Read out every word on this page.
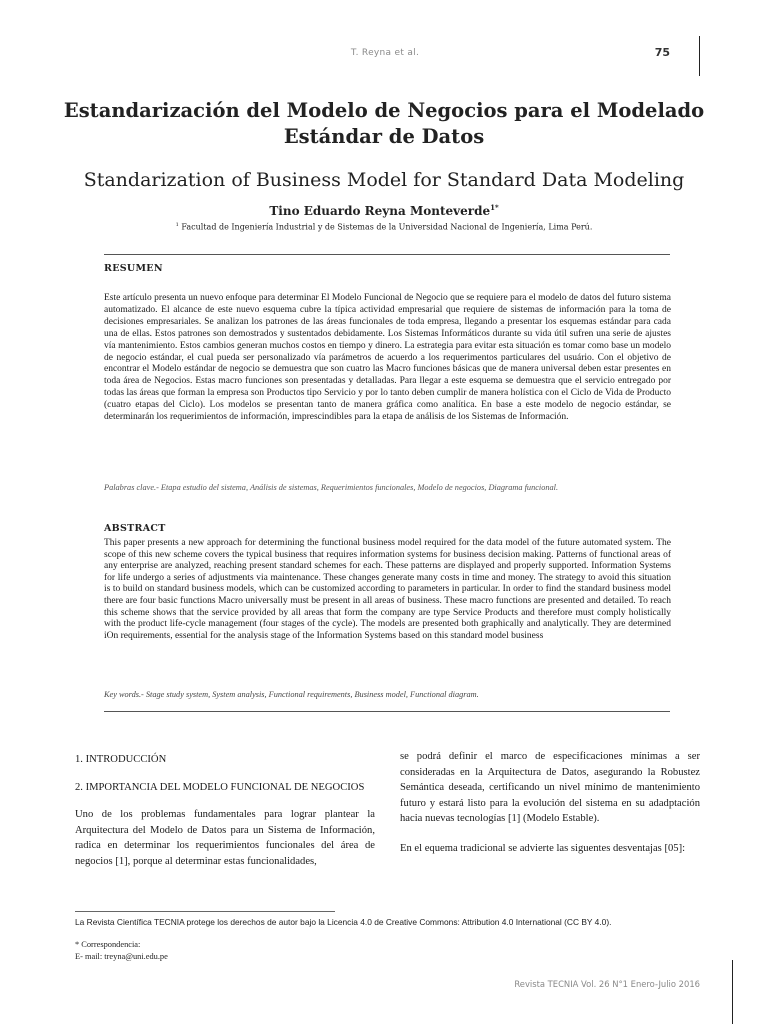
T. Reyna et al.	75
Estandarización del Modelo de Negocios para el Modelado Estándar de Datos
Standarization of Business Model for Standard Data Modeling
Tino Eduardo Reyna Monteverde$^{1*}$
$^1$ Facultad de Ingeniería Industrial y de Sistemas de la Universidad Nacional de Ingeniería, Lima Perú.
RESUMEN
Este artículo presenta un nuevo enfoque para determinar El Modelo Funcional de Negocio que se requiere para el modelo de datos del futuro sistema automatizado. El alcance de este nuevo esquema cubre la típica actividad empresarial que requiere de sistemas de información para la toma de decisiones empresariales. Se analizan los patrones de las áreas funcionales de toda empresa, llegando a presentar los esquemas estándar para cada una de ellas. Estos patrones son demostrados y sustentados debidamente. Los Sistemas Informáticos durante su vida útil sufren una serie de ajustes vía mantenimiento. Estos cambios generan muchos costos en tiempo y dinero. La estrategia para evitar esta situación es tomar como base un modelo de negocio estándar, el cual pueda ser personalizado vía parámetros de acuerdo a los requerimentos particulares del usuário. Con el objetivo de encontrar el Modelo estándar de negocio se demuestra que son cuatro las Macro funciones básicas que de manera universal deben estar presentes en toda área de Negocios. Estas macro funciones son presentadas y detalladas. Para llegar a este esquema se demuestra que el servicio entregado por todas las áreas que forman la empresa son Productos tipo Servicio y por lo tanto deben cumplir de manera holística con el Ciclo de Vida de Producto (cuatro etapas del Ciclo). Los modelos se presentan tanto de manera gráfica como analítica. En base a este modelo de negocio estándar, se determinarán los requerimientos de información, imprescindibles para la etapa de análisis de los Sistemas de Información.
Palabras clave.- Etapa estudio del sistema, Análisis de sistemas, Requerimientos funcionales, Modelo de negocios, Diagrama funcional.
ABSTRACT
This paper presents a new approach for determining the functional business model required for the data model of the future automated system. The scope of this new scheme covers the typical business that requires information systems for business decision making. Patterns of functional areas of any enterprise are analyzed, reaching present standard schemes for each. These patterns are displayed and properly supported. Information Systems for life undergo a series of adjustments via maintenance. These changes generate many costs in time and money. The strategy to avoid this situation is to build on standard business models, which can be customized according to parameters in particular. In order to find the standard business model there are four basic functions Macro universally must be present in all areas of business. These macro functions are presented and detailed. To reach this scheme shows that the service provided by all areas that form the company are type Service Products and therefore must comply holistically with the product life-cycle management (four stages of the cycle). The models are presented both graphically and analytically. They are determined iOn requirements, essential for the analysis stage of the Information Systems based on this standard model business
Key words.- Stage study system, System analysis, Functional requirements, Business model, Functional diagram.
1. INTRODUCCIÓN
2. IMPORTANCIA DEL MODELO FUNCIONAL DE NEGOCIOS
Uno de los problemas fundamentales para lograr plantear la Arquitectura del Modelo de Datos para un Sistema de Información, radica en determinar los requerimientos funcionales del área de negocios [1], porque al determinar estas funcionalidades,
se podrá definir el marco de especificaciones mínimas a ser consideradas en la Arquitectura de Datos, asegurando la Robustez Semántica deseada, certificando un nivel mínimo de mantenimiento futuro y estará listo para la evolución del sistema en su adadptación hacia nuevas tecnologías [1] (Modelo Estable).
En el equema tradicional se advierte las siguentes desventajas [05]:
La Revista Científica TECNIA protege los derechos de autor bajo la Licencia 4.0 de Creative Commons: Attribution 4.0 International (CC BY 4.0).
* Correspondencia:
E- mail: treyna@uni.edu.pe
Revista TECNIA Vol. 26 N°1 Enero-Julio 2016
